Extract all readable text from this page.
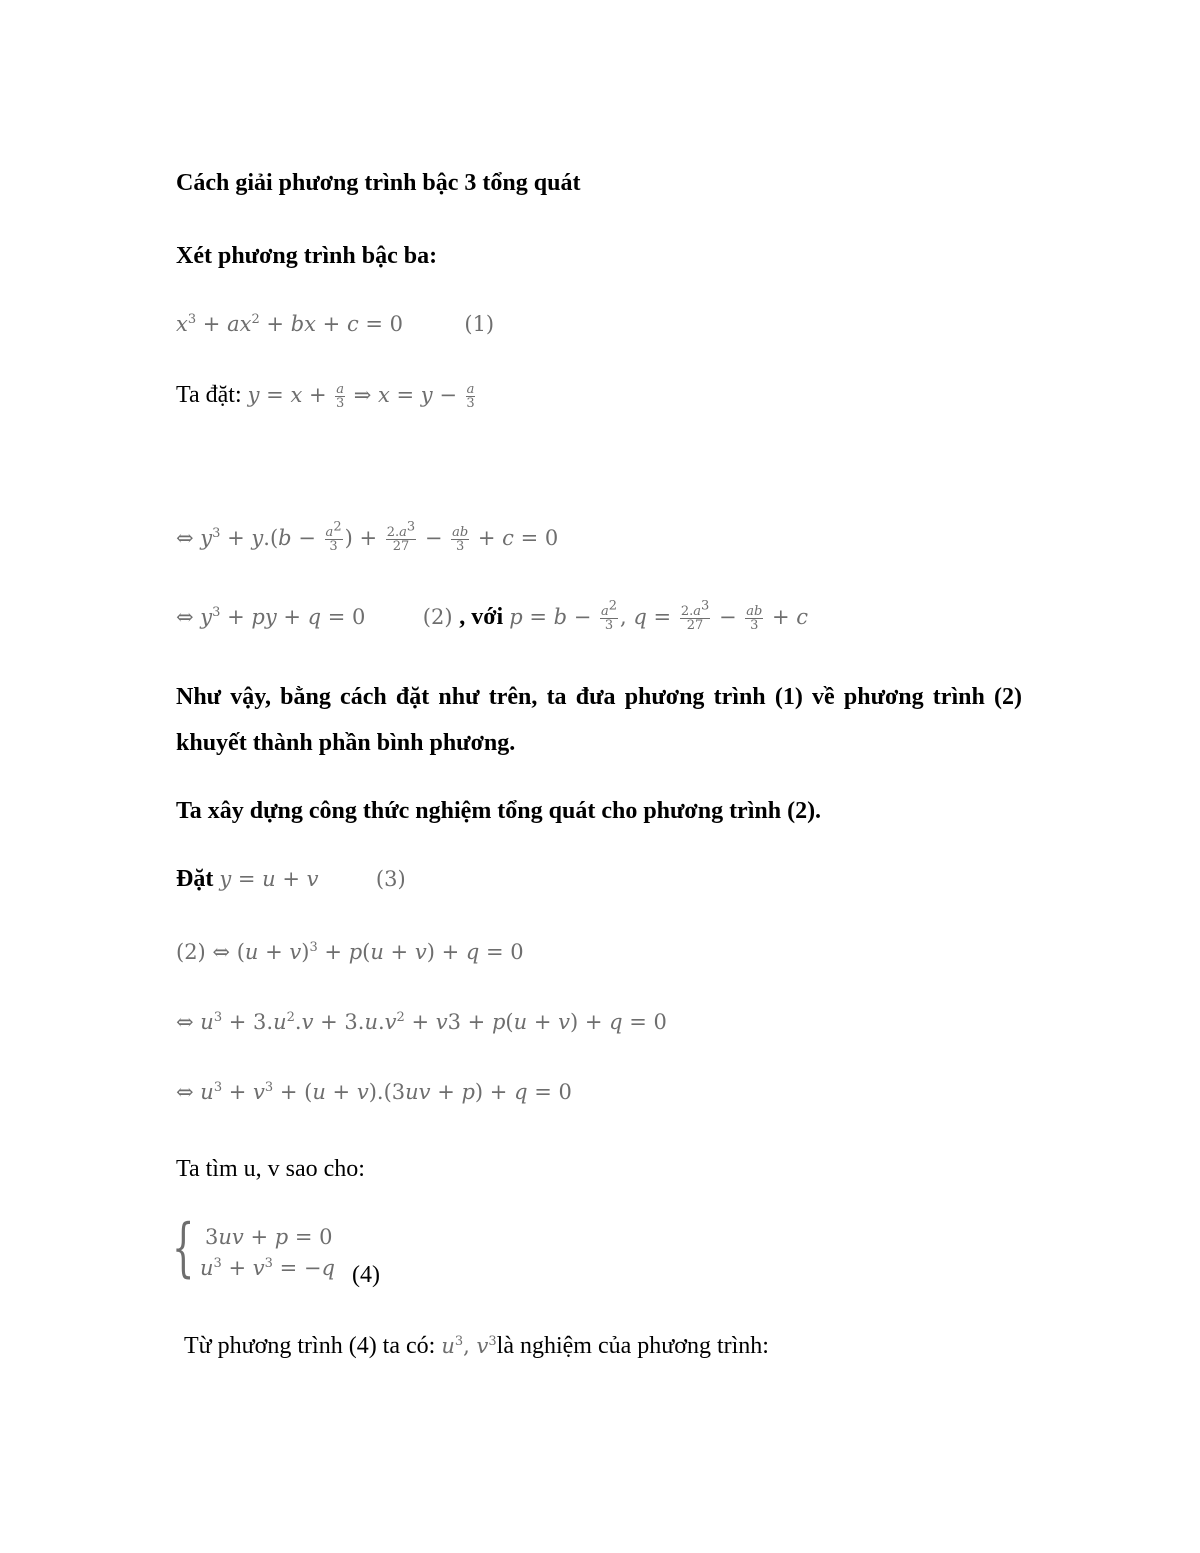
Cách giải phương trình bậc 3 tổng quát
Xét phương trình bậc ba:
$x^3 + ax^2$ + bx + c = 0	(1)
Ta đặt: $y = x + \frac{a}{3}$ ⇒ $x = y - \frac{a}{3}$
⇔ $y^3 + y.(b - \frac{a^2}{3}$ ) + $\frac{2.a^3}{27} - \frac{ab}{3} + c = 0$
⇔ $y^3$ + py + q = 0  (2) , với $p = b - \frac{a^2}{3}$ , $q = \frac{2.a^3}{27} - \frac{ab}{3} + c$
Như vậy, bằng cách đặt như trên, ta đưa phương trình (1) về phương trình (2) khuyết thành phần bình phương.
Ta xây dựng công thức nghiệm tổng quát cho phương trình (2).
Đặt y = u + v	(3)
(2) ⇔ $(u + v)^3 + p(u + v) + q = 0$
⇔ $u^3 + 3.u^2.v + 3.u.v^2 + v3 + p(u + v) + q = 0$
⇔ $u^3 + v^3 + (u + v).(3uv + p) + q = 0$
Ta tìm u, v sao cho:
{ 3uv + p = 0
$u^3 + v^3 = -q$ (4)
Từ phương trình (4) ta có: $u^3$, $v^3là$ nghiệm của phương trình:
